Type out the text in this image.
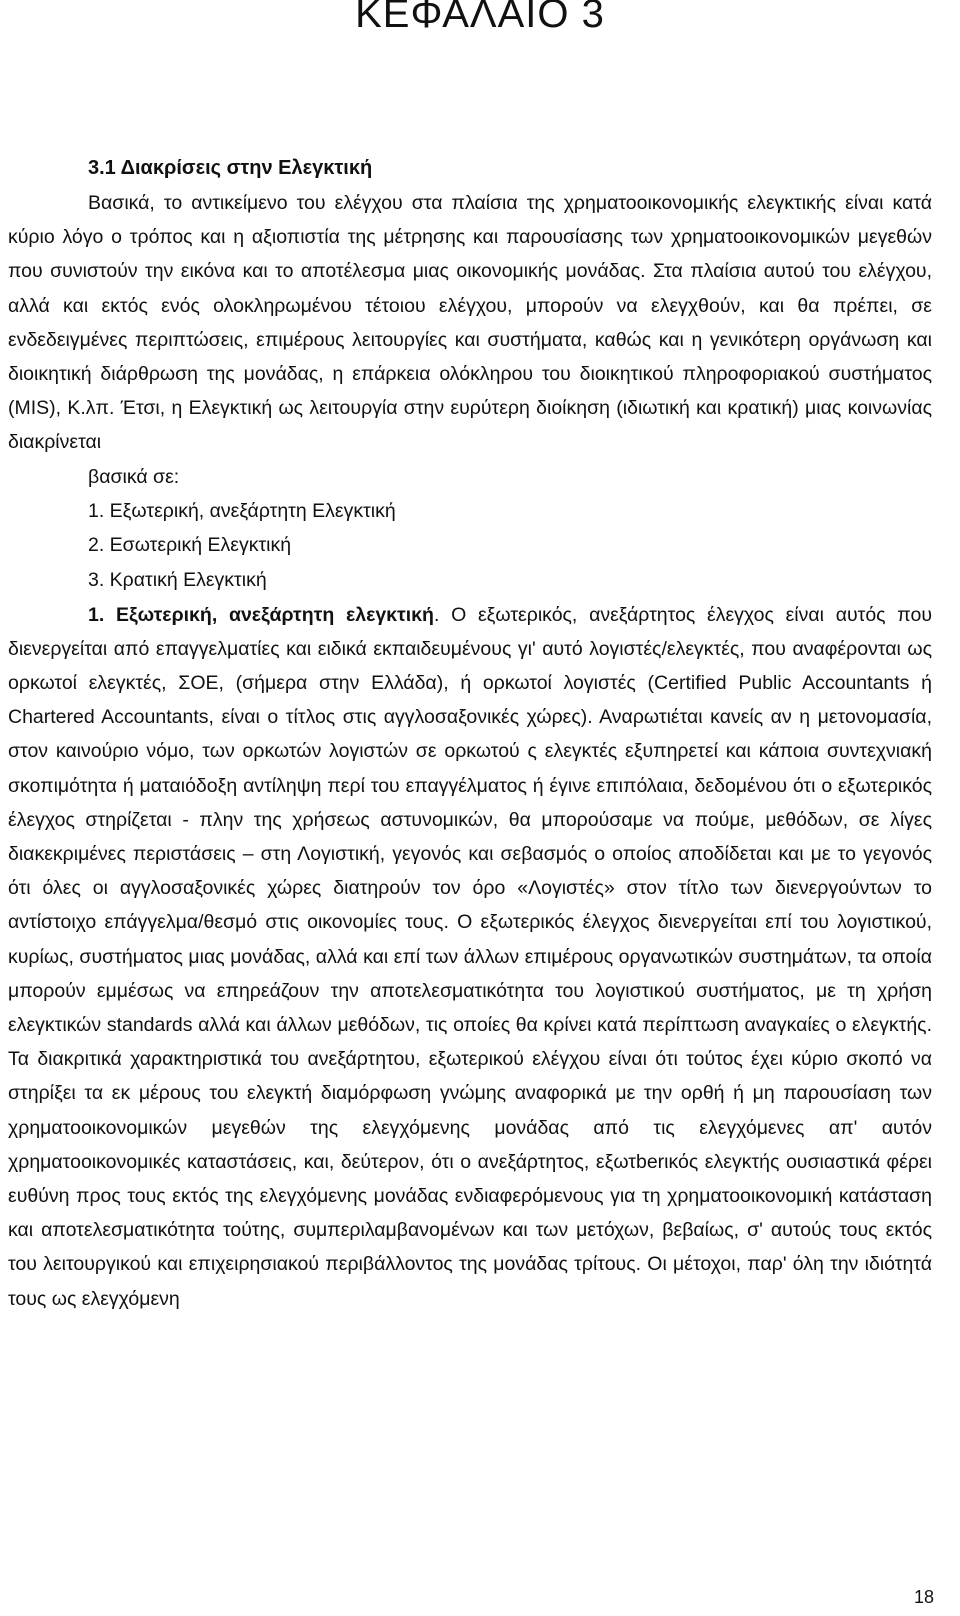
ΚΕΦΑΛΑΙΟ 3
3.1 Διακρίσεις στην Ελεγκτική

Βασικά, το αντικείμενο του ελέγχου στα πλαίσια της χρηματοοικονομικής ελεγκτικής είναι κατά κύριο λόγο ο τρόπος και η αξιοπιστία της μέτρησης και παρουσίασης των χρηματοοικονομικών μεγεθών που συνιστούν την εικόνα και το αποτέλεσμα μιας οικονομικής μονάδας. Στα πλαίσια αυτού του ελέγχου, αλλά και εκτός ενός ολοκληρωμένου τέτοιου ελέγχου, μπορούν να ελεγχθούν, και θα πρέπει, σε ενδεδειγμένες περιπτώσεις, επιμέρους λειτουργίες και συστήματα, καθώς και η γενικότερη οργάνωση και διοικητική διάρθρωση της μονάδας, η επάρκεια ολόκληρου του διοικητικού πληροφοριακού συστήματος (MIS), Κ.λπ. Έτσι, η Ελεγκτική ως λειτουργία στην ευρύτερη διοίκηση (ιδιωτική και κρατική) μιας κοινωνίας διακρίνεται

βασικά σε:
1. Εξωτερική, ανεξάρτητη Ελεγκτική
2. Εσωτερική Ελεγκτική
3. Κρατική Ελεγκτική

1. Εξωτερική, ανεξάρτητη ελεγκτική. Ο εξωτερικός, ανεξάρτητος έλεγχος είναι αυτός που διενεργείται από επαγγελματίες και ειδικά εκπαιδευμένους γι' αυτό λογιστές/ελεγκτές, που αναφέρονται ως ορκωτοί ελεγκτές, ΣΟΕ, (σήμερα στην Ελλάδα), ή ορκωτοί λογιστές (Certified Public Accountants ή Chartered Accountants, είναι ο τίτλος στις αγγλοσαξονικές χώρες). Αναρωτιέται κανείς αν η μετονομασία, στον καινούριο νόμο, των ορκωτών λογιστών σε ορκωτού ς ελεγκτές εξυπηρετεί και κάποια συντεχνιακή σκοπιμότητα ή ματαιόδοξη αντίληψη περί του επαγγέλματος ή έγινε επιπόλαια, δεδομένου ότι ο εξωτερικός έλεγχος στηρίζεται - πλην της χρήσεως αστυνομικών, θα μπορούσαμε να πούμε, μεθόδων, σε λίγες διακεκριμένες περιστάσεις – στη Λογιστική, γεγονός και σεβασμός ο οποίος αποδίδεται και με το γεγονός ότι όλες οι αγγλοσαξονικές χώρες διατηρούν τον όρο «Λογιστές» στον τίτλο των διενεργούντων το αντίστοιχο επάγγελμα/θεσμό στις οικονομίες τους. Ο εξωτερικός έλεγχος διενεργείται επί του λογιστικού, κυρίως, συστήματος μιας μονάδας, αλλά και επί των άλλων επιμέρους οργανωτικών συστημάτων, τα οποία μπορούν εμμέσως να επηρεάζουν την αποτελεσματικότητα του λογιστικού συστήματος, με τη χρήση ελεγκτικών standards αλλά και άλλων μεθόδων, τις οποίες θα κρίνει κατά περίπτωση αναγκαίες ο ελεγκτής. Τα διακριτικά χαρακτηριστικά του ανεξάρτητου, εξωτερικού ελέγχου είναι ότι τούτος έχει κύριο σκοπό να στηρίξει τα εκ μέρους του ελεγκτή διαμόρφωση γνώμης αναφορικά με την ορθή ή μη παρουσίαση των χρηματοοικονομικών μεγεθών της ελεγχόμενης μονάδας από τις ελεγχόμενες απ' αυτόν χρηματοοικονομικές καταστάσεις, και, δεύτερον, ότι ο ανεξάρτητος, εξωτberικός ελεγκτής ουσιαστικά φέρει ευθύνη προς τους εκτός της ελεγχόμενης μονάδας ενδιαφερόμενους για τη χρηματοοικονομική κατάσταση και αποτελεσματικότητα τούτης, συμπεριλαμβανομένων και των μετόχων, βεβαίως, σ' αυτούς τους εκτός του λειτουργικού και επιχειρησιακού περιβάλλοντος της μονάδας τρίτους. Οι μέτοχοι, παρ' όλη την ιδιότητά τους ως ελεγχόμενη

18
